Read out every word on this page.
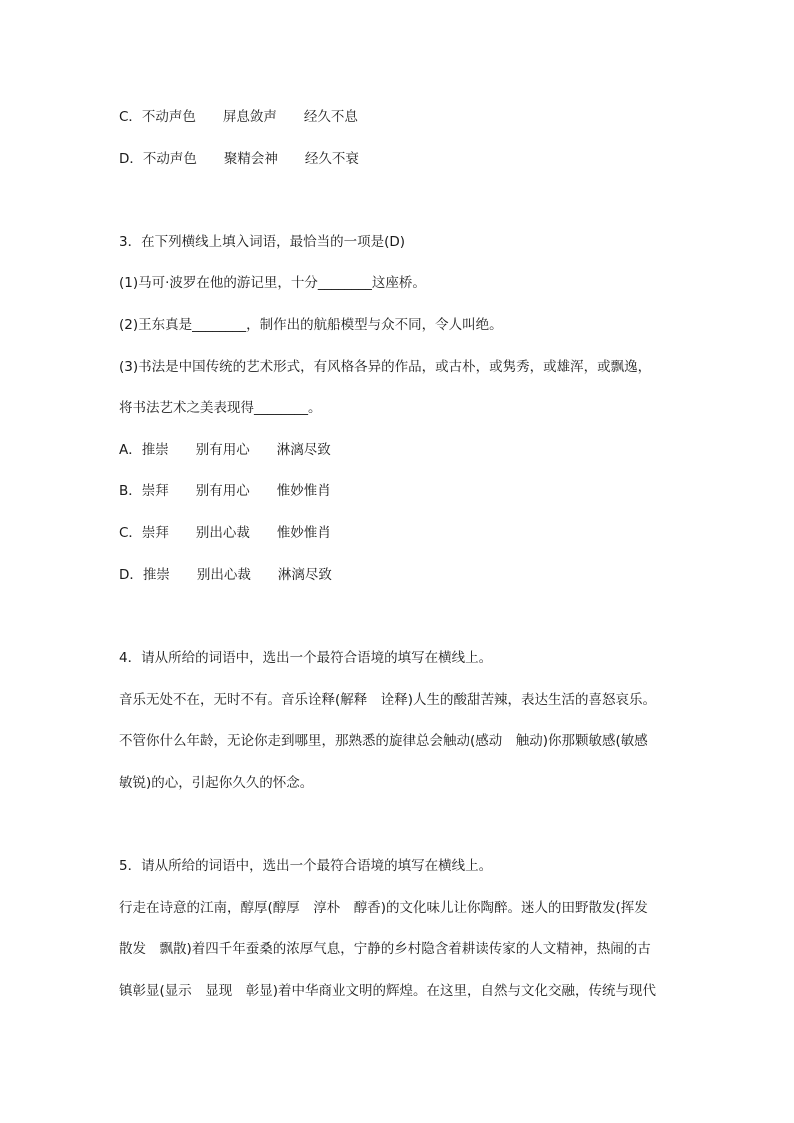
C．不动声色　　屏息敛声　　经久不息
D．不动声色　　聚精会神　　经久不衰
3．在下列横线上填入词语，最恰当的一项是(D)
(1)马可·波罗在他的游记里，十分________这座桥。
(2)王东真是________，制作出的航船模型与众不同，令人叫绝。
(3)书法是中国传统的艺术形式，有风格各异的作品，或古朴，或隽秀，或雄浑，或飘逸，
将书法艺术之美表现得________。
A．推崇　　别有用心　　淋漓尽致
B．崇拜　　别有用心　　惟妙惟肖
C．崇拜　　别出心裁　　惟妙惟肖
D．推崇　　别出心裁　　淋漓尽致
4．请从所给的词语中，选出一个最符合语境的填写在横线上。
音乐无处不在，无时不有。音乐诠释(解释　诠释)人生的酸甜苦辣，表达生活的喜怒哀乐。
不管你什么年龄，无论你走到哪里，那熟悉的旋律总会触动(感动　触动)你那颗敏感(敏感
敏锐)的心，引起你久久的怀念。
5．请从所给的词语中，选出一个最符合语境的填写在横线上。
行走在诗意的江南，醇厚(醇厚　淳朴　醇香)的文化味儿让你陶醉。迷人的田野散发(挥发
散发　飘散)着四千年蚕桑的浓厚气息，宁静的乡村隐含着耕读传家的人文精神，热闹的古
镇彰显(显示　显现　彰显)着中华商业文明的辉煌。在这里，自然与文化交融，传统与现代
